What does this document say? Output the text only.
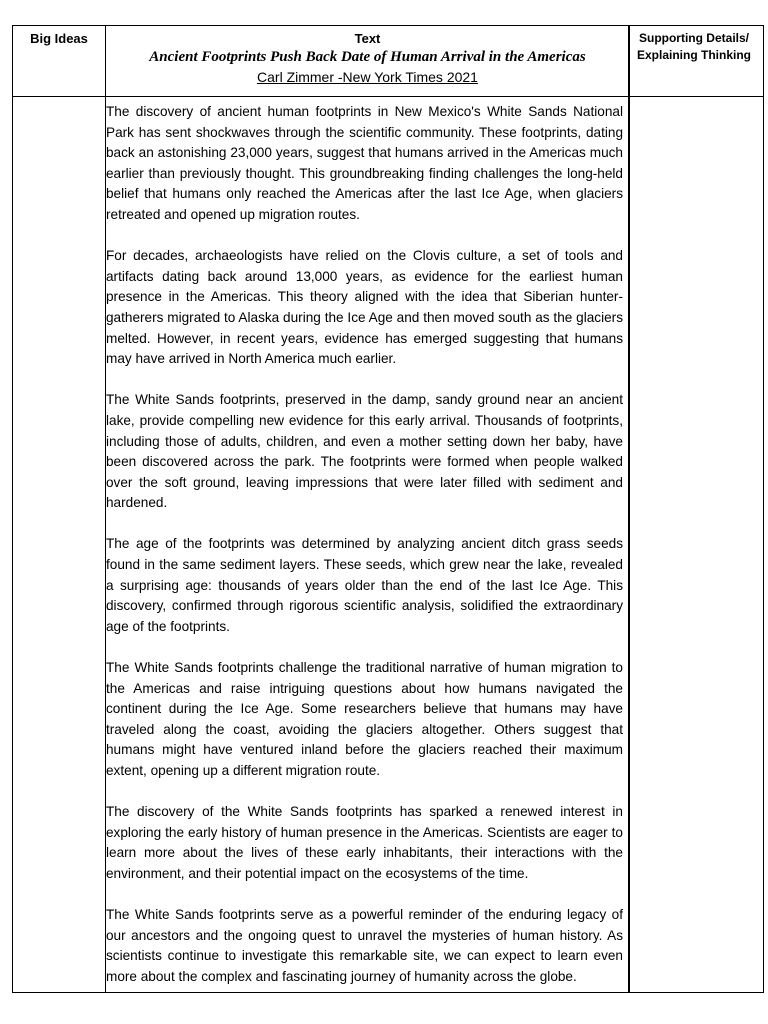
Big Ideas	Text
Ancient Footprints Push Back Date of Human Arrival in the Americas
Carl Zimmer -New York Times 2021
Supporting Details/ Explaining Thinking

The discovery of ancient human footprints in New Mexico's White Sands National Park has sent shockwaves through the scientific community. These footprints, dating back an astonishing 23,000 years, suggest that humans arrived in the Americas much earlier than previously thought. This groundbreaking finding challenges the long-held belief that humans only reached the Americas after the last Ice Age, when glaciers retreated and opened up migration routes.

For decades, archaeologists have relied on the Clovis culture, a set of tools and artifacts dating back around 13,000 years, as evidence for the earliest human presence in the Americas. This theory aligned with the idea that Siberian hunter-gatherers migrated to Alaska during the Ice Age and then moved south as the glaciers melted. However, in recent years, evidence has emerged suggesting that humans may have arrived in North America much earlier.

The White Sands footprints, preserved in the damp, sandy ground near an ancient lake, provide compelling new evidence for this early arrival. Thousands of footprints, including those of adults, children, and even a mother setting down her baby, have been discovered across the park. The footprints were formed when people walked over the soft ground, leaving impressions that were later filled with sediment and hardened.

The age of the footprints was determined by analyzing ancient ditch grass seeds found in the same sediment layers. These seeds, which grew near the lake, revealed a surprising age: thousands of years older than the end of the last Ice Age. This discovery, confirmed through rigorous scientific analysis, solidified the extraordinary age of the footprints.

The White Sands footprints challenge the traditional narrative of human migration to the Americas and raise intriguing questions about how humans navigated the continent during the Ice Age. Some researchers believe that humans may have traveled along the coast, avoiding the glaciers altogether. Others suggest that humans might have ventured inland before the glaciers reached their maximum extent, opening up a different migration route.

The discovery of the White Sands footprints has sparked a renewed interest in exploring the early history of human presence in the Americas. Scientists are eager to learn more about the lives of these early inhabitants, their interactions with the environment, and their potential impact on the ecosystems of the time.

The White Sands footprints serve as a powerful reminder of the enduring legacy of our ancestors and the ongoing quest to unravel the mysteries of human history. As scientists continue to investigate this remarkable site, we can expect to learn even more about the complex and fascinating journey of humanity across the globe.
